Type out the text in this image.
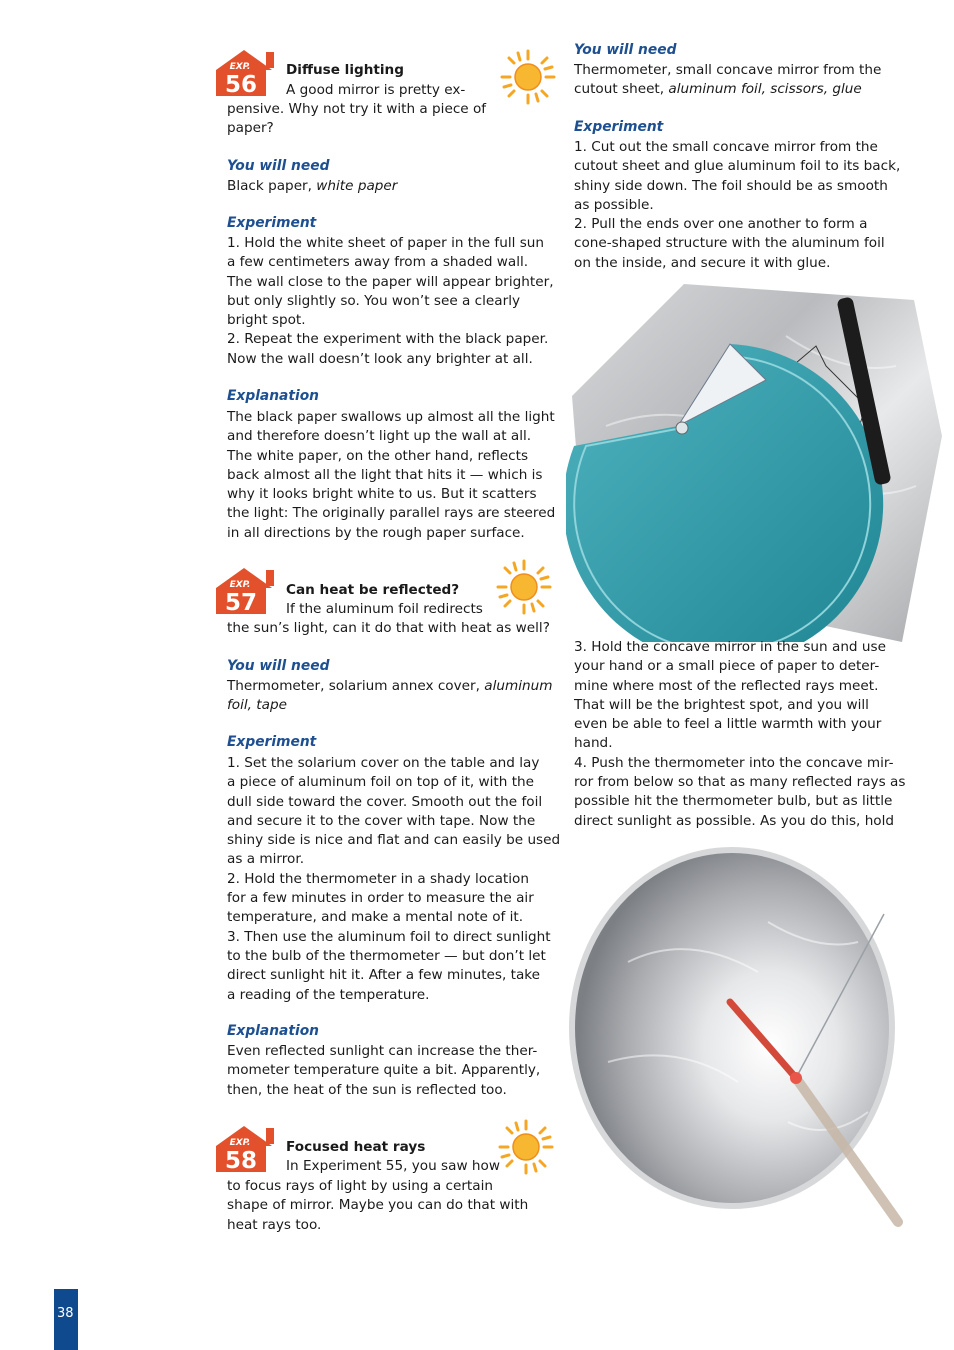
EXP.
56

Diffuse lighting

A good mirror is pretty ex-

pensive. Why not try it with a piece of

paper?

You will need

Black paper, white paper

Experiment

1. Hold the white sheet of paper in the full sun
a few centimeters away from a shaded wall.
The wall close to the paper will appear brighter,
but only slightly so. You won’t see a clearly
bright spot.
2. Repeat the experiment with the black paper.
Now the wall doesn’t look any brighter at all.

Explanation

The black paper swallows up almost all the light
and therefore doesn’t light up the wall at all.
The white paper, on the other hand, reflects
back almost all the light that hits it — which is
why it looks bright white to us. But it scatters
the light: The originally parallel rays are steered
in all directions by the rough paper surface.
EXP.
57 Can heat be reflected?

If the aluminum foil redirects

the sun’s light, can it do that with heat as well?

You will need

Thermometer, solarium annex cover, aluminum
foil, tape

Experiment

1. Set the solarium cover on the table and lay
a piece of aluminum foil on top of it, with the
dull side toward the cover. Smooth out the foil
and secure it to the cover with tape. Now the
shiny side is nice and flat and can easily be used
as a mirror.
2. Hold the thermometer in a shady location
for a few minutes in order to measure the air
temperature, and make a mental note of it.
3. Then use the aluminum foil to direct sunlight
to the bulb of the thermometer — but don’t let
direct sunlight hit it. After a few minutes, take
a reading of the temperature.

Explanation

Even reflected sunlight can increase the ther-
mometer temperature quite a bit. Apparently,
then, the heat of the sun is reflected too.
EXP.
58

Focused heat rays

In Experiment 55, you saw how

to focus rays of light by using a certain
shape of mirror. Maybe you can do that with
heat rays too.

You will need

Thermometer, small concave mirror from the
cutout sheet, aluminum foil, scissors, glue

Experiment

1. Cut out the small concave mirror from the
cutout sheet and glue aluminum foil to its back,
shiny side down. The foil should be as smooth
as possible.
2. Pull the ends over one another to form a
cone-shaped structure with the aluminum foil
on the inside, and secure it with glue.
3. Hold the concave mirror in the sun and use
your hand or a small piece of paper to deter-
mine where most of the reflected rays meet.
That will be the brightest spot, and you will
even be able to feel a little warmth with your
hand.
4. Push the thermometer into the concave mir-
ror from below so that as many reflected rays as
possible hit the thermometer bulb, but as little
direct sunlight as possible. As you do this, hold

38
